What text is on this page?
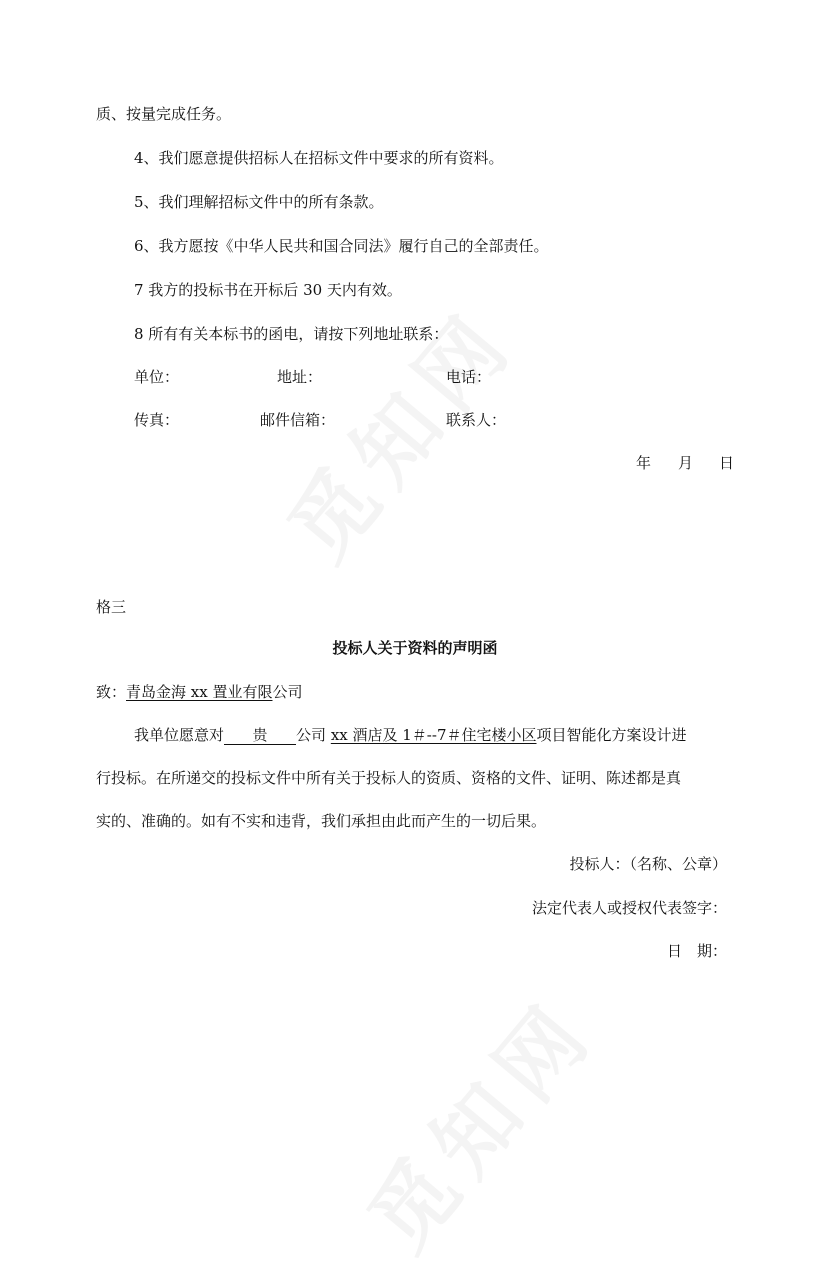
质、按量完成任务。
4、我们愿意提供招标人在招标文件中要求的所有资料。
5、我们理解招标文件中的所有条款。
6、我方愿按《中华人民共和国合同法》履行自己的全部责任。
7 我方的投标书在开标后 30 天内有效。
8 所有有关本标书的函电，请按下列地址联系：
单位：	地址：	电话：
传真：	邮件信箱：	联系人：
年 月 日
格三
投标人关于资料的声明函
致：青岛金海 xx 置业有限公司
我单位愿意对 贵 公司 xx 酒店及 1＃--7＃住宅楼小区项目智能化方案设计进
行投标。在所递交的投标文件中所有关于投标人的资质、资格的文件、证明、陈述都是真
实的、准确的。如有不实和违背，我们承担由此而产生的一切后果。
投标人：（名称、公章）
法定代表人或授权代表签字：
日　期：
